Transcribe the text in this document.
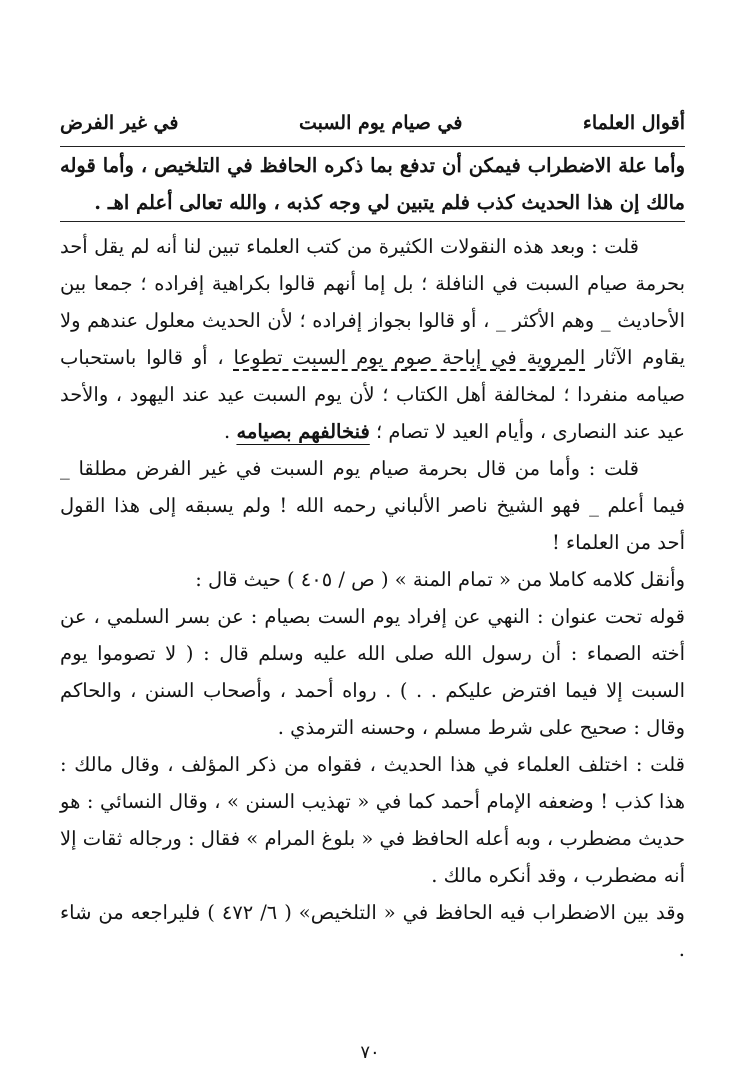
أقوال العلماء
في صيام يوم السبت
في غير الفرض

وأما علة الاضطراب فيمكن أن تدفع بما ذكره الحافظ في التلخيص ، وأما قوله مالك إن هذا الحديث كذب فلم يتبين لي وجه كذبه ، والله تعالى أعلم اهـ .

قلت : وبعد هذه النقولات الكثيرة من كتب العلماء تبين لنا أنه لم يقل أحد بحرمة صيام السبت في النافلة ؛ بل إما أنهم قالوا بكراهية إفراده ؛ جمعا بين الأحاديث _ وهم الأكثر _ ، أو قالوا بجواز إفراده ؛ لأن الحديث معلول عندهم ولا يقاوم الآثار المروية في إباحة صوم يوم السبت تطوعا ، أو قالوا باستحباب صيامه منفردا ؛ لمخالفة أهل الكتاب ؛ لأن يوم السبت عيد عند اليهود ، والأحد عيد عند النصارى ، وأيام العيد لا تصام ؛ فنخالفهم بصيامه .

قلت : وأما من قال بحرمة صيام يوم السبت في غير الفرض مطلقا _ فيما أعلم _ فهو الشيخ ناصر الألباني رحمه الله ! ولم يسبقه إلى هذا القول أحد من العلماء !

وأنقل كلامه كاملا من « تمام المنة » ( ص / ٤٠٥ ) حيث قال :

قوله تحت عنوان : النهي عن إفراد يوم الست بصيام : عن بسر السلمي ، عن أخته الصماء : أن رسول الله صلى الله عليه وسلم قال : ( لا تصوموا يوم السبت إلا فيما افترض عليكم . . ) . رواه أحمد ، وأصحاب السنن ، والحاكم وقال : صحيح على شرط مسلم ، وحسنه الترمذي .

قلت : اختلف العلماء في هذا الحديث ، فقواه من ذكر المؤلف ، وقال مالك : هذا كذب ! وضعفه الإمام أحمد كما في « تهذيب السنن » ، وقال النسائي : هو حديث مضطرب ، وبه أعله الحافظ في « بلوغ المرام » فقال : ورجاله ثقات إلا أنه مضطرب ، وقد أنكره مالك .

وقد بين الاضطراب فيه الحافظ في « التلخيص» ( ٦/ ٤٧٢ ) فليراجعه من شاء .

٧٠
